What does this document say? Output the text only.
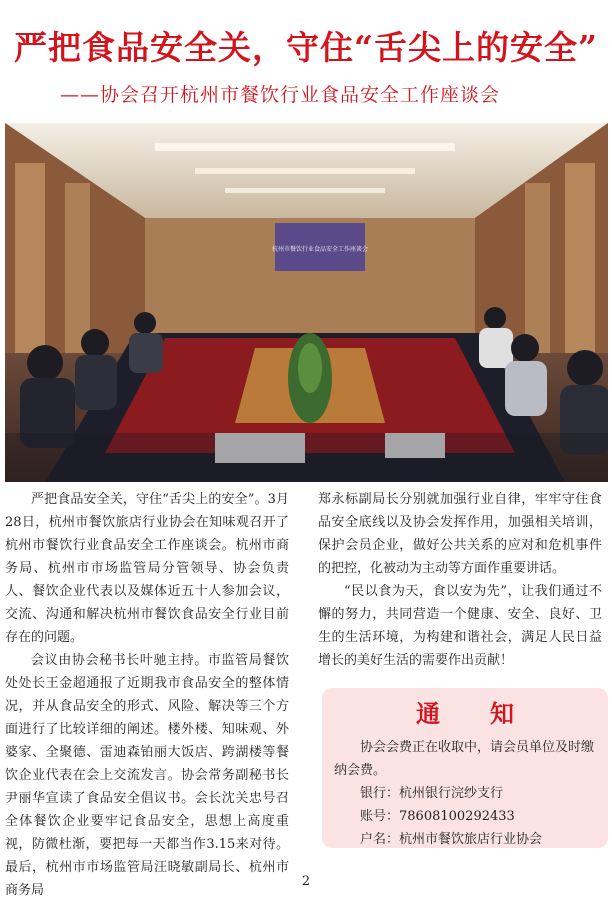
严把食品安全关，守住“舌尖上的安全”
——协会召开杭州市餐饮行业食品安全工作座谈会
杭州市餐饮行业食品安全工作座谈会

严把食品安全关，守住“舌尖上的安全”。3月28日，杭州市餐饮旅店行业协会在知味观召开了杭州市餐饮行业食品安全工作座谈会。杭州市商务局、杭州市市场监管局分管领导、协会负责人、餐饮企业代表以及媒体近五十人参加会议，交流、沟通和解决杭州市餐饮食品安全行业目前存在的问题。

会议由协会秘书长叶驰主持。市监管局餐饮处处长王金超通报了近期我市食品安全的整体情况，并从食品安全的形式、风险、解决等三个方面进行了比较详细的阐述。楼外楼、知味观、外婆家、全聚德、雷迪森铂丽大饭店、跨湖楼等餐饮企业代表在会上交流发言。协会常务副秘书长尹丽华宣读了食品安全倡议书。会长沈关忠号召全体餐饮企业要牢记食品安全，思想上高度重视，防微杜渐，要把每一天都当作3.15来对待。最后，杭州市市场监管局汪晓敏副局长、杭州市商务局

郑永标副局长分别就加强行业自律，牢牢守住食品安全底线以及协会发挥作用，加强相关培训，保护会员企业，做好公共关系的应对和危机事件的把控，化被动为主动等方面作重要讲话。

“民以食为天，食以安为先”，让我们通过不懈的努力，共同营造一个健康、安全、良好、卫生的生活环境，为构建和谐社会，满足人民日益增长的美好生活的需要作出贡献！

通知
协会会费正在收取中，请会员单位及时缴纳会费。
银行：杭州银行浣纱支行
账号：78608100292433
户名：杭州市餐饮旅店行业协会
2
